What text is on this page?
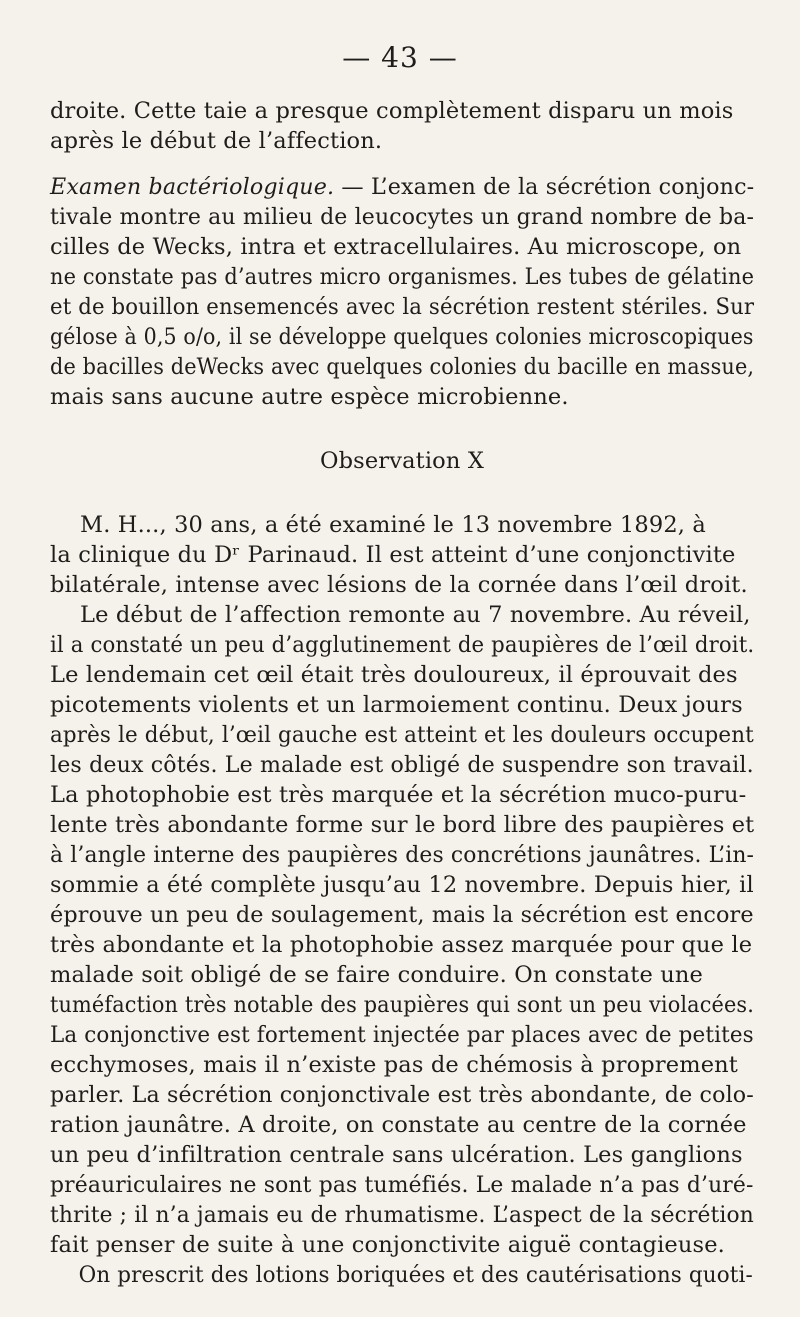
— 43 —

droite. Cette taie a presque complètement disparu un mois
après le début de l’affection.

Examen bactériologique. — L’examen de la sécrétion conjonc-
tivale montre au milieu de leucocytes un grand nombre de ba-
cilles de Wecks, intra et extracellulaires. Au microscope, on
ne constate pas d’autres micro organismes. Les tubes de gélatine
et de bouillon ensemencés avec la sécrétion restent stériles. Sur
gélose à 0,5 o/o, il se développe quelques colonies microscopiques
de bacilles deWecks avec quelques colonies du bacille en massue,
mais sans aucune autre espèce microbienne.

Observation X

M. H..., 30 ans, a été examiné le 13 novembre 1892, à
la clinique du Dʳ Parinaud. Il est atteint d’une conjonctivite
bilatérale, intense avec lésions de la cornée dans l’œil droit.

Le début de l’affection remonte au 7 novembre. Au réveil,
il a constaté un peu d’agglutinement de paupières de l’œil droit.
Le lendemain cet œil était très douloureux, il éprouvait des
picotements violents et un larmoiement continu. Deux jours
après le début, l’œil gauche est atteint et les douleurs occupent
les deux côtés. Le malade est obligé de suspendre son travail.
La photophobie est très marquée et la sécrétion muco-puru-
lente très abondante forme sur le bord libre des paupières et
à l’angle interne des paupières des concrétions jaunâtres. L’in-
sommie a été complète jusqu’au 12 novembre. Depuis hier, il
éprouve un peu de soulagement, mais la sécrétion est encore
très abondante et la photophobie assez marquée pour que le
malade soit obligé de se faire conduire. On constate une
tuméfaction très notable des paupières qui sont un peu violacées.
La conjonctive est fortement injectée par places avec de petites
ecchymoses, mais il n’existe pas de chémosis à proprement
parler. La sécrétion conjonctivale est très abondante, de colo-
ration jaunâtre. A droite, on constate au centre de la cornée
un peu d’infiltration centrale sans ulcération. Les ganglions
préauriculaires ne sont pas tuméfiés. Le malade n’a pas d’uré-
thrite ; il n’a jamais eu de rhumatisme. L’aspect de la sécrétion
fait penser de suite à une conjonctivite aiguë contagieuse.

On prescrit des lotions boriquées et des cautérisations quoti-
